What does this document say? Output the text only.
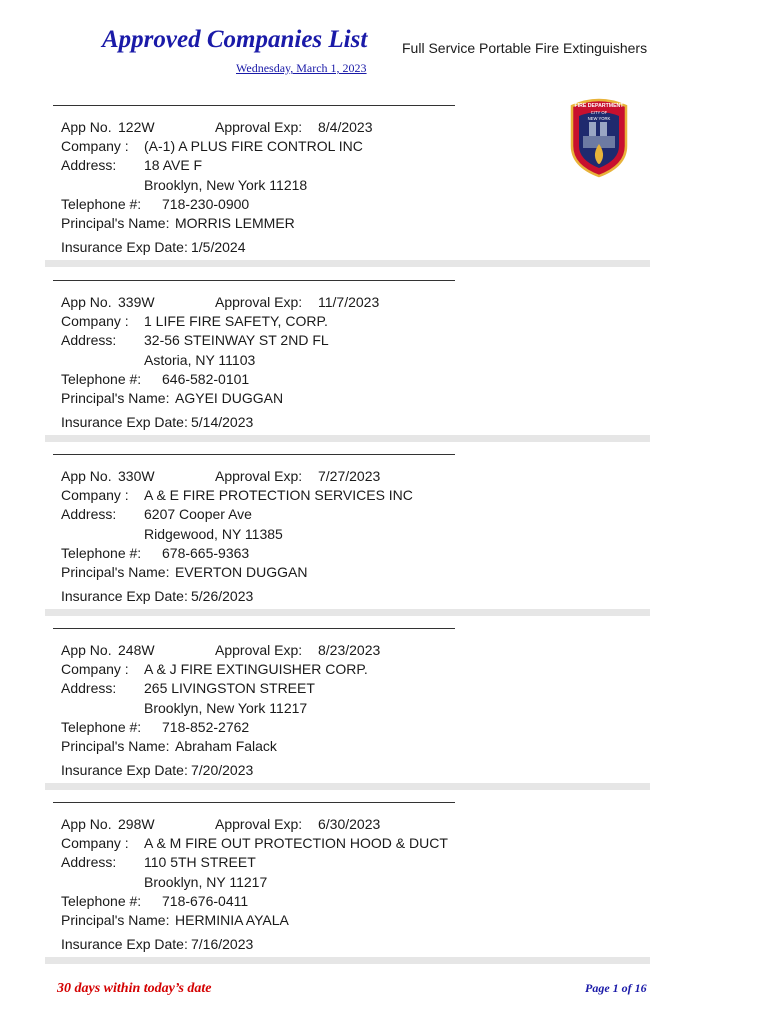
Approved Companies List Full Service Portable Fire Extinguishers
Wednesday, March 1, 2023
FIRE DEPARTMENT
CITY OF
NEW YORK
App No. 122W	Approval Exp: 8/4/2023
Company : (A-1) A PLUS FIRE CONTROL INC
Address: 18 AVE F
Brooklyn, New York 11218
Telephone #: 718-230-0900
Principal's Name: MORRIS LEMMER
Insurance Exp Date: 1/5/2024
App No. 339W	Approval Exp: 11/7/2023
Company : 1 LIFE FIRE SAFETY, CORP.
Address: 32-56 STEINWAY ST 2ND FL
Astoria, NY 11103
Telephone #: 646-582-0101
Principal's Name: AGYEI DUGGAN
Insurance Exp Date: 5/14/2023
App No. 330W	Approval Exp: 7/27/2023
Company : A & E FIRE PROTECTION SERVICES INC
Address: 6207 Cooper Ave
Ridgewood, NY 11385
Telephone #: 678-665-9363
Principal's Name: EVERTON DUGGAN
Insurance Exp Date: 5/26/2023
App No. 248W	Approval Exp: 8/23/2023
Company : A & J FIRE EXTINGUISHER CORP.
Address: 265 LIVINGSTON STREET
Brooklyn, New York 11217
Telephone #: 718-852-2762
Principal's Name: Abraham Falack
Insurance Exp Date: 7/20/2023
App No. 298W	Approval Exp: 6/30/2023
Company : A & M FIRE OUT PROTECTION HOOD & DUCT
Address: 110 5TH STREET
Brooklyn, NY 11217
Telephone #: 718-676-0411
Principal's Name: HERMINIA AYALA
Insurance Exp Date: 7/16/2023
30 days within today’s date	Page 1 of 16
